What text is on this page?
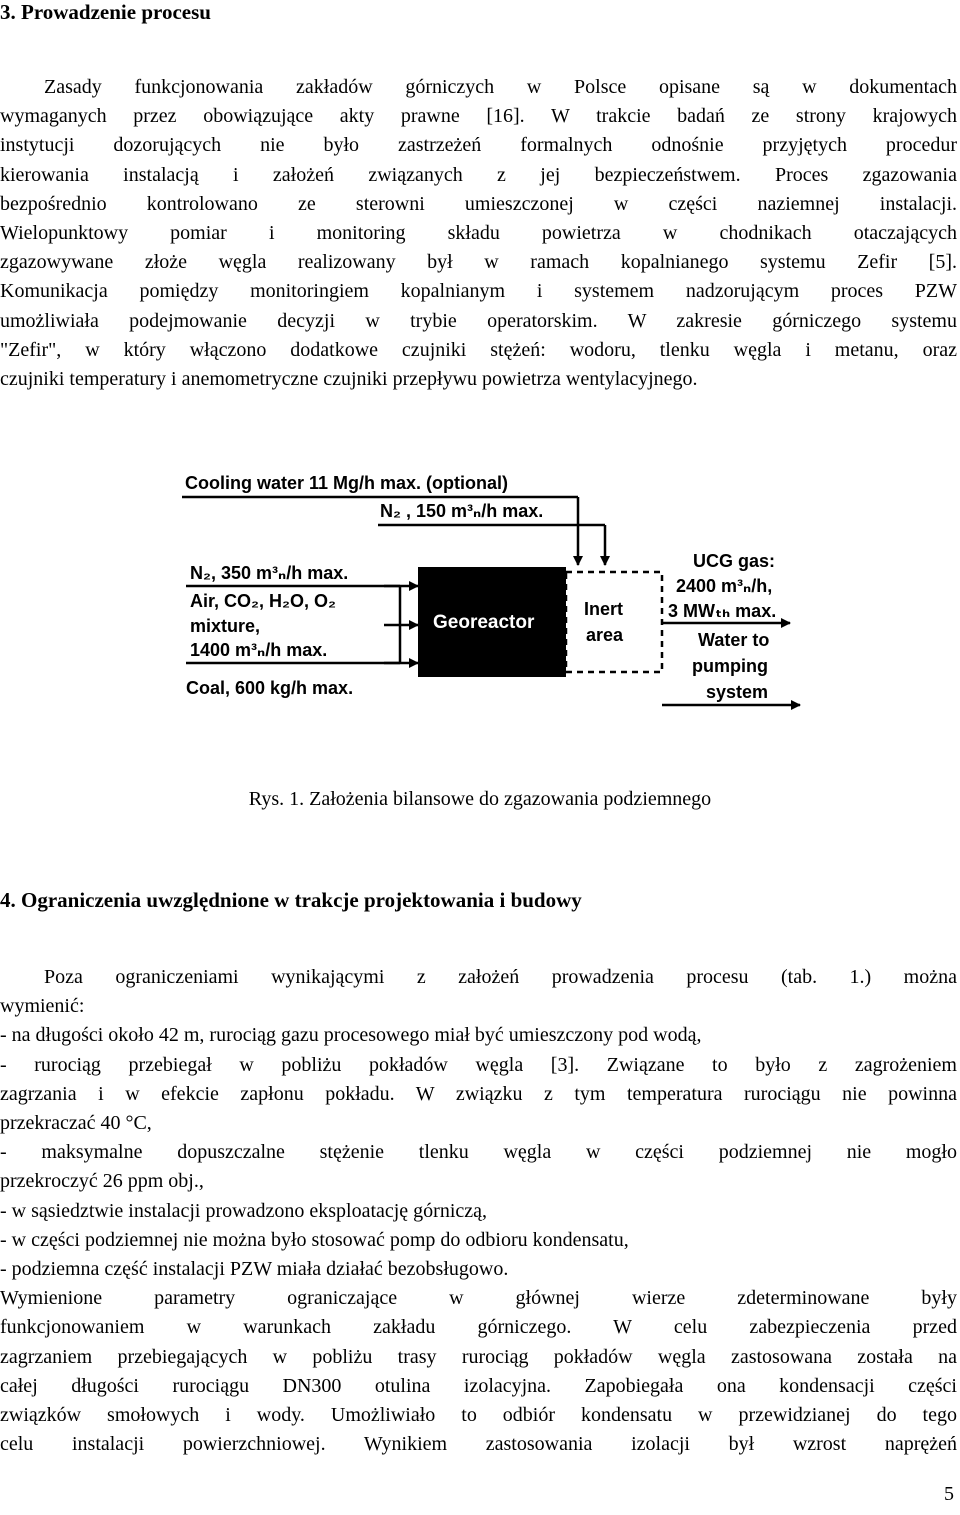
3. Prowadzenie procesu
Zasady funkcjonowania zakładów górniczych w Polsce opisane są w dokumentach
wymaganych przez obowiązujące akty prawne [16]. W trakcie badań ze strony krajowych
instytucji dozorujących nie było zastrzeżeń formalnych odnośnie przyjętych procedur
kierowania instalacją i założeń związanych z jej bezpieczeństwem. Proces zgazowania
bezpośrednio kontrolowano ze sterowni umieszczonej w części naziemnej instalacji.
Wielopunktowy pomiar i monitoring składu powietrza w chodnikach otaczających
zgazowywane złoże węgla realizowany był w ramach kopalnianego systemu Zefir [5].
Komunikacja pomiędzy monitoringiem kopalnianym i systemem nadzorującym proces PZW
umożliwiała podejmowanie decyzji w trybie operatorskim. W zakresie górniczego systemu
"Zefir", w który włączono dodatkowe czujniki stężeń: wodoru, tlenku węgla i metanu, oraz
czujniki temperatury i anemometryczne czujniki przepływu powietrza wentylacyjnego.
Cooling water 11 Mg/h max. (optional)
N₂ , 150 m³ₙ/h max.
N₂, 350 m³ₙ/h max.
Air, CO₂, H₂O, O₂
mixture,
1400 m³ₙ/h max.
Coal, 600 kg/h max.
Georeactor
Inert
area
UCG gas:
2400 m³ₙ/h,
3 MWₜₕ max.
Water to
pumping
system
Rys. 1. Założenia bilansowe do zgazowania podziemnego
4. Ograniczenia uwzględnione w trakcje projektowania i budowy
Poza ograniczeniami wynikającymi z założeń prowadzenia procesu (tab. 1.) można
wymienić:
- na długości około 42 m, rurociąg gazu procesowego miał być umieszczony pod wodą,
- rurociąg przebiegał w pobliżu pokładów węgla [3]. Związane to było z zagrożeniem
zagrzania i w efekcie zapłonu pokładu. W związku z tym temperatura rurociągu nie powinna
przekraczać 40 °C,
- maksymalne dopuszczalne stężenie tlenku węgla w części podziemnej nie mogło
przekroczyć 26 ppm obj.,
- w sąsiedztwie instalacji prowadzono eksploatację górniczą,
- w części podziemnej nie można było stosować pomp do odbioru kondensatu,
- podziemna część instalacji PZW miała działać bezobsługowo.
Wymienione parametry ograniczające w głównej wierze zdeterminowane były
funkcjonowaniem w warunkach zakładu górniczego. W celu zabezpieczenia przed
zagrzaniem przebiegających w pobliżu trasy rurociąg pokładów węgla zastosowana została na
całej długości rurociągu DN300 otulina izolacyjna. Zapobiegała ona kondensacji części
związków smołowych i wody. Umożliwiało to odbiór kondensatu w przewidzianej do tego
celu instalacji powierzchniowej. Wynikiem zastosowania izolacji był wzrost naprężeń
5
